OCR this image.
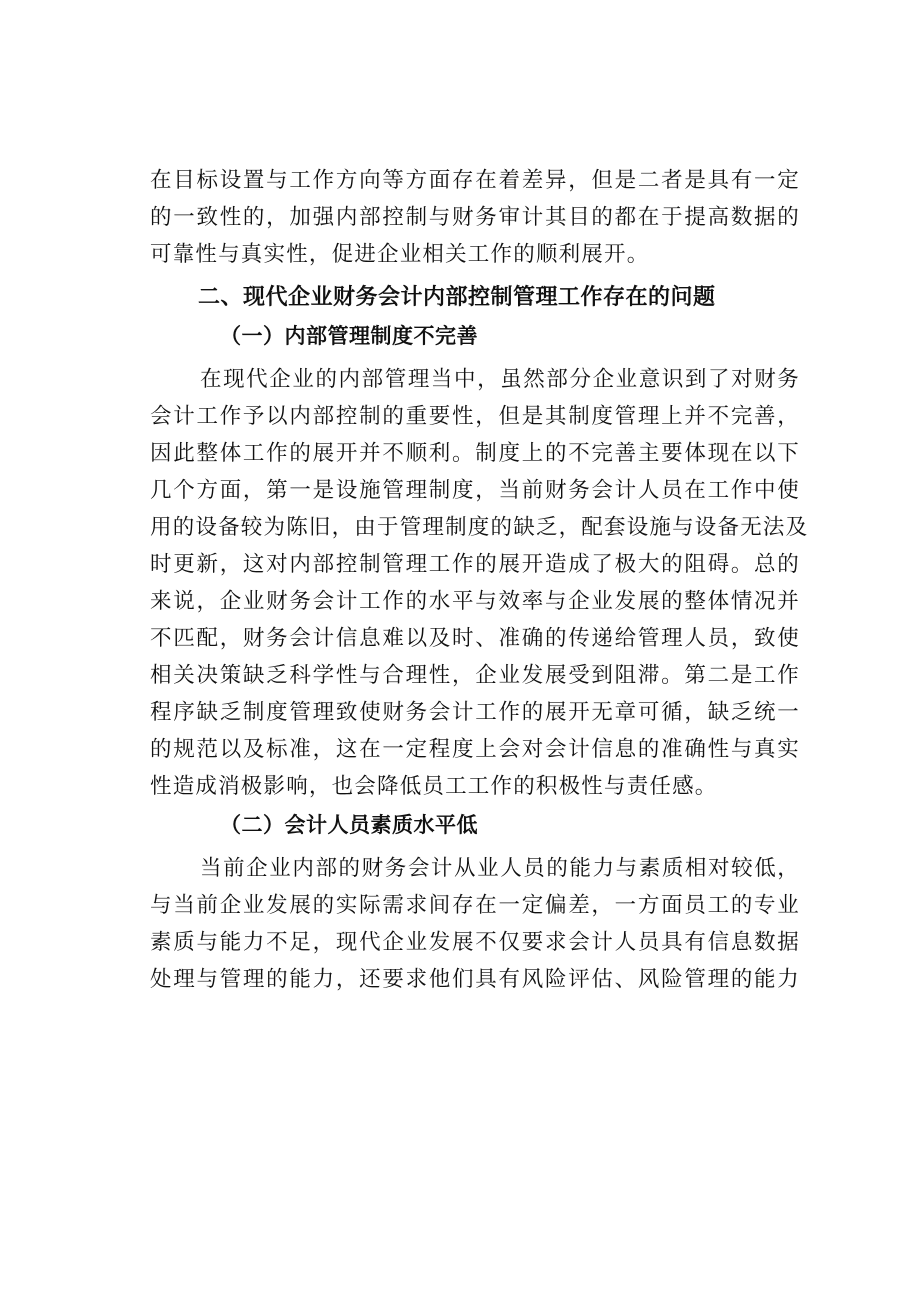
在目标设置与工作方向等方面存在着差异，但是二者是具有一定
的一致性的，加强内部控制与财务审计其目的都在于提高数据的
可靠性与真实性，促进企业相关工作的顺利展开。
二、现代企业财务会计内部控制管理工作存在的问题
（一）内部管理制度不完善
在现代企业的内部管理当中，虽然部分企业意识到了对财务
会计工作予以内部控制的重要性，但是其制度管理上并不完善，
因此整体工作的展开并不顺利。制度上的不完善主要体现在以下
几个方面，第一是设施管理制度，当前财务会计人员在工作中使
用的设备较为陈旧，由于管理制度的缺乏，配套设施与设备无法及
时更新，这对内部控制管理工作的展开造成了极大的阻碍。总的
来说，企业财务会计工作的水平与效率与企业发展的整体情况并
不匹配，财务会计信息难以及时、准确的传递给管理人员，致使
相关决策缺乏科学性与合理性，企业发展受到阻滞。第二是工作
程序缺乏制度管理致使财务会计工作的展开无章可循，缺乏统一
的规范以及标准，这在一定程度上会对会计信息的准确性与真实
性造成消极影响，也会降低员工工作的积极性与责任感。
（二）会计人员素质水平低
当前企业内部的财务会计从业人员的能力与素质相对较低，
与当前企业发展的实际需求间存在一定偏差，一方面员工的专业
素质与能力不足，现代企业发展不仅要求会计人员具有信息数据
处理与管理的能力，还要求他们具有风险评估、风险管理的能力
